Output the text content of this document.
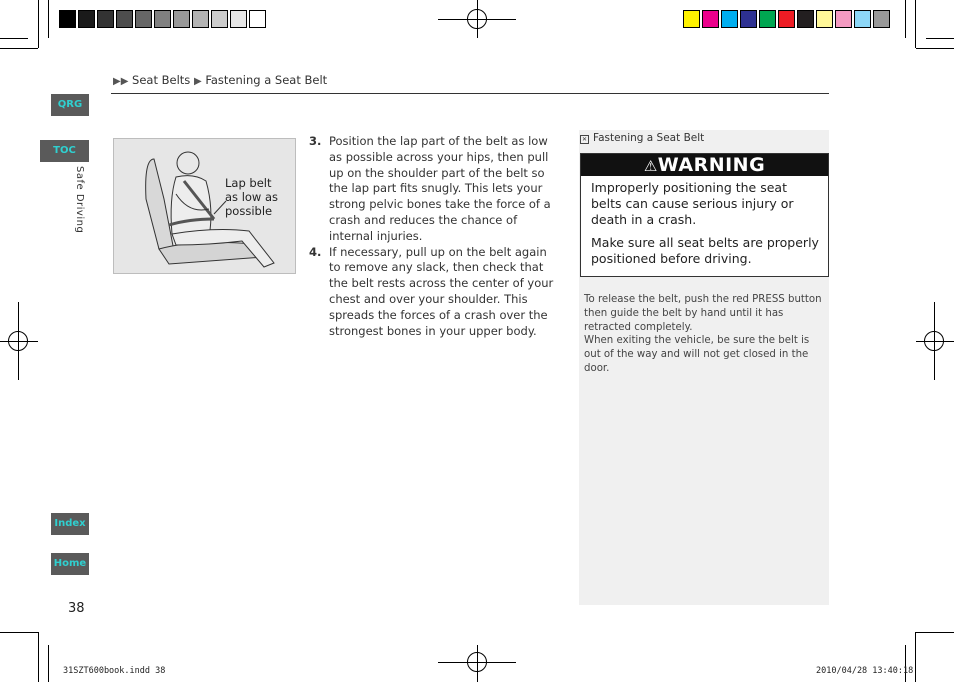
▶▶ Seat Belts ▶ Fastening a Seat Belt
QRG
TOC
Index
Home
Safe Driving
38
Lap belt
as low as
possible
3. Position the lap part of the belt as low as possible across your hips, then pull up on the shoulder part of the belt so the lap part fits snugly. This lets your strong pelvic bones take the force of a crash and reduces the chance of internal injuries.
4. If necessary, pull up on the belt again to remove any slack, then check that the belt rests across the center of your chest and over your shoulder. This spreads the forces of a crash over the strongest bones in your upper body.
✕ Fastening a Seat Belt
⚠WARNING
Improperly positioning the seat belts can cause serious injury or death in a crash.
Make sure all seat belts are properly positioned before driving.
To release the belt, push the red PRESS button then guide the belt by hand until it has retracted completely.
When exiting the vehicle, be sure the belt is out of the way and will not get closed in the door.
31SZT600book.indd 38	2010/04/28 13:40:18
